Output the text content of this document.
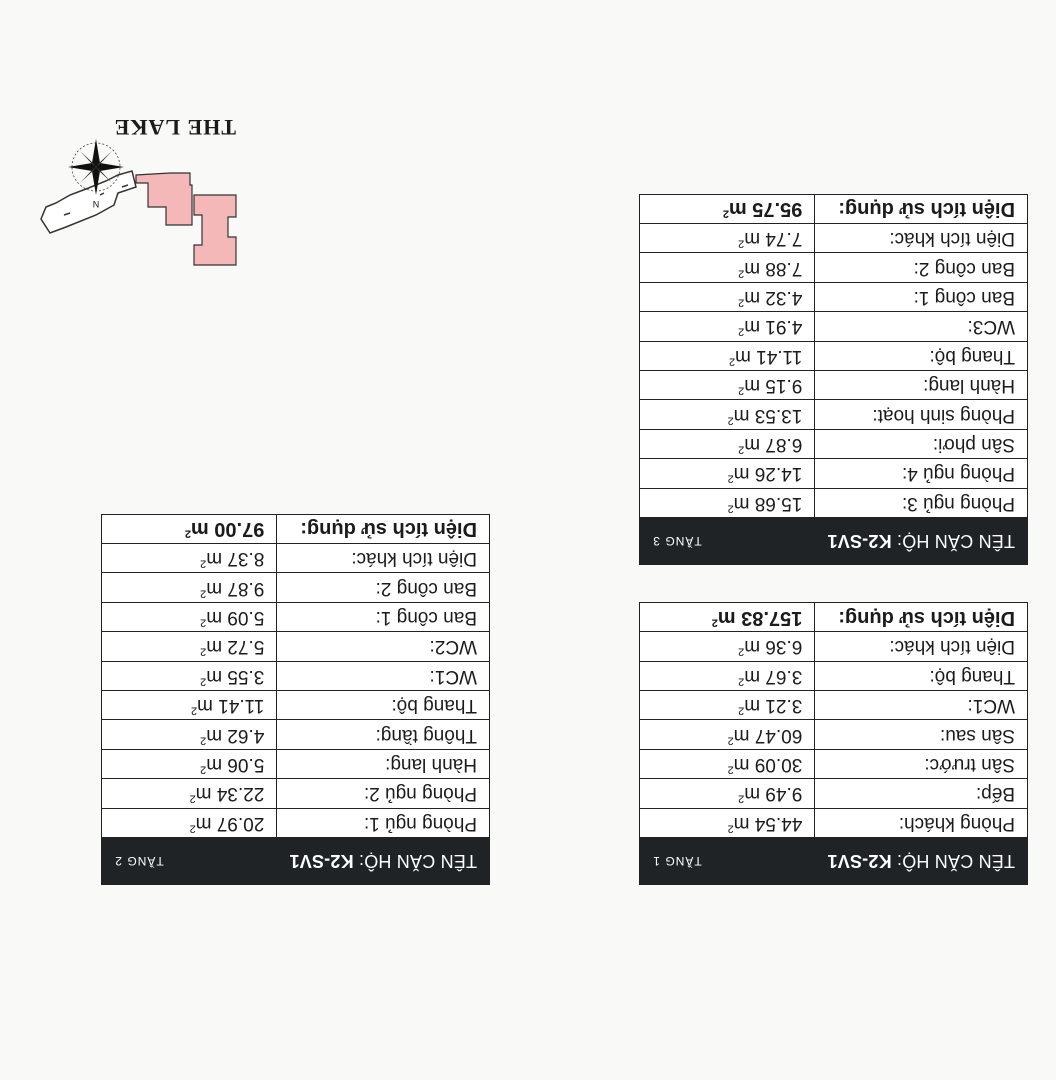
TÊN CĂN HỘ: K2-SV1	TẦNG 1
Phòng khách:	44.54 $m^2$
Bếp:	9.49 $m^2$
Sân trước:	30.09 $m^2$
Sân sau:	60.47 $m^2$
WC1:	3.21 $m^2$
Thang bộ:	3.67 $m^2$
Diện tích khác:	6.36 $m^2$
Diện tích sử dụng:	157.83 $m^2$
TÊN CĂN HỘ: K2-SV1	TẦNG 3
Phòng ngủ 3:	15.68 $m^2$
Phòng ngủ 4:	14.26 $m^2$
Sân phơi:	6.87 $m^2$
Phòng sinh hoạt:	13.53 $m^2$
Hành lang:	9.15 $m^2$
Thang bộ:	11.41 $m^2$
WC3:	4.91 $m^2$
Ban công 1:	4.32 $m^2$
Ban công 2:	7.88 $m^2$
Diện tích khác:	7.74 $m^2$
Diện tích sử dụng:	95.75 $m^2$
TÊN CĂN HỘ: K2-SV1	TẦNG 2
Phòng ngủ 1:	20.97 $m^2$
Phòng ngủ 2:	22.34 $m^2$
Hành lang:	5.06 $m^2$
Thông tầng:	4.62 $m^2$
Thang bộ:	11.41 $m^2$
WC1:	3.55 $m^2$
WC2:	5.72 $m^2$
Ban công 1:	5.09 $m^2$
Ban công 2:	9.87 $m^2$
Diện tích khác:	8.37 $m^2$
Diện tích sử dụng:	97.00 $m^2$
N
THE LAKE
